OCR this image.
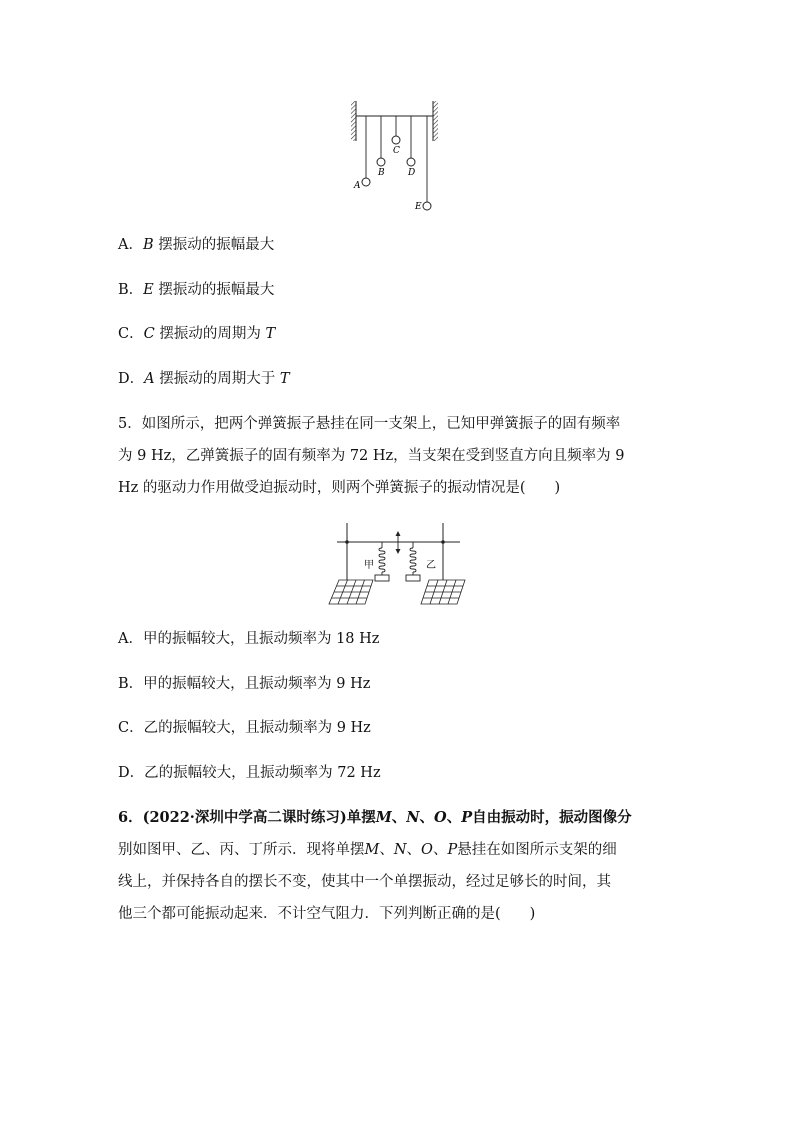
A
B
C
D
E
A．B 摆振动的振幅最大
B．E 摆振动的振幅最大
C．C 摆振动的周期为 T
D．A 摆振动的周期大于 T
5．如图所示，把两个弹簧振子悬挂在同一支架上，已知甲弹簧振子的固有频率
为 9 Hz，乙弹簧振子的固有频率为 72 Hz，当支架在受到竖直方向且频率为 9
Hz 的驱动力作用做受迫振动时，则两个弹簧振子的振动情况是(　　)
甲	乙
A．甲的振幅较大，且振动频率为 18 Hz
B．甲的振幅较大，且振动频率为 9 Hz
C．乙的振幅较大，且振动频率为 9 Hz
D．乙的振幅较大，且振动频率为 72 Hz
6．(2022·深圳中学高二课时练习)单摆M、N、O、P自由振动时，振动图像分
别如图甲、乙、丙、丁所示．现将单摆M、N、O、P悬挂在如图所示支架的细
线上，并保持各自的摆长不变，使其中一个单摆振动，经过足够长的时间，其
他三个都可能振动起来．不计空气阻力．下列判断正确的是(　　)
